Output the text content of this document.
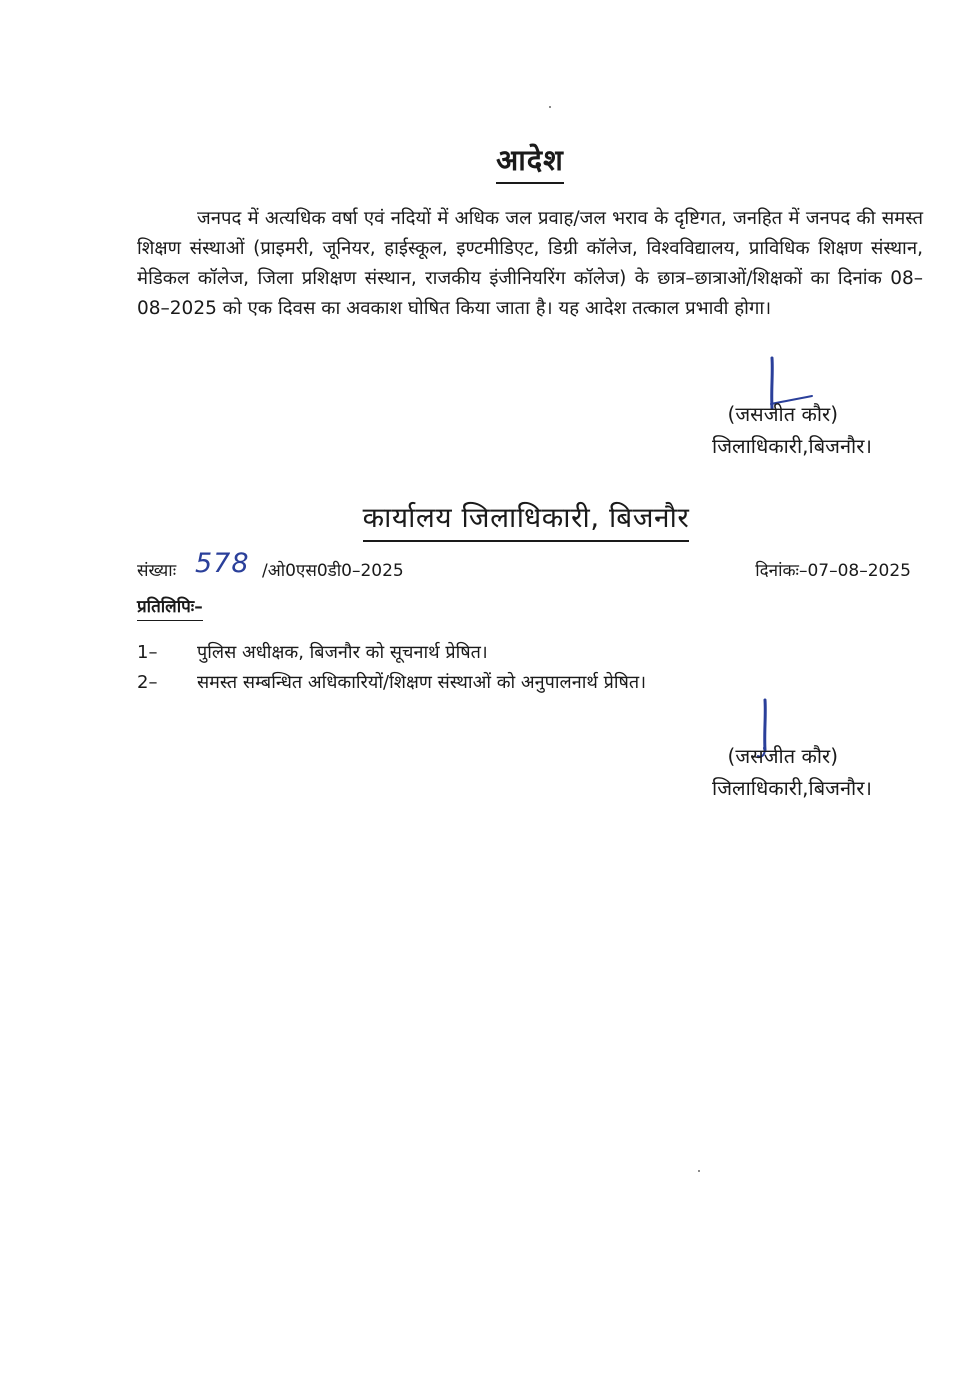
आदेश
जनपद में अत्यधिक वर्षा एवं नदियों में अधिक जल प्रवाह/जल भराव के दृष्टिगत, जनहित में जनपद की समस्त शिक्षण संस्थाओं (प्राइमरी, जूनियर, हाईस्कूल, इण्टमीडिएट, डिग्री कॉलेज, विश्वविद्यालय, प्राविधिक शिक्षण संस्थान, मेडिकल कॉलेज, जिला प्रशिक्षण संस्थान, राजकीय इंजीनियरिंग कॉलेज) के छात्र–छात्राओं/शिक्षकों का दिनांक 08–08–2025 को एक दिवस का अवकाश घोषित किया जाता है। यह आदेश तत्काल प्रभावी होगा।
(जसजीत कौर)
जिलाधिकारी,बिजनौर।
कार्यालय जिलाधिकारी, बिजनौर
संख्याः 578 /ओ0एस0डी0–2025	दिनांकः–07–08–2025
प्रतिलिपिः–
1– पुलिस अधीक्षक, बिजनौर को सूचनार्थ प्रेषित।
2– समस्त सम्बन्धित अधिकारियों/शिक्षण संस्थाओं को अनुपालनार्थ प्रेषित।
(जसजीत कौर)
जिलाधिकारी,बिजनौर।
